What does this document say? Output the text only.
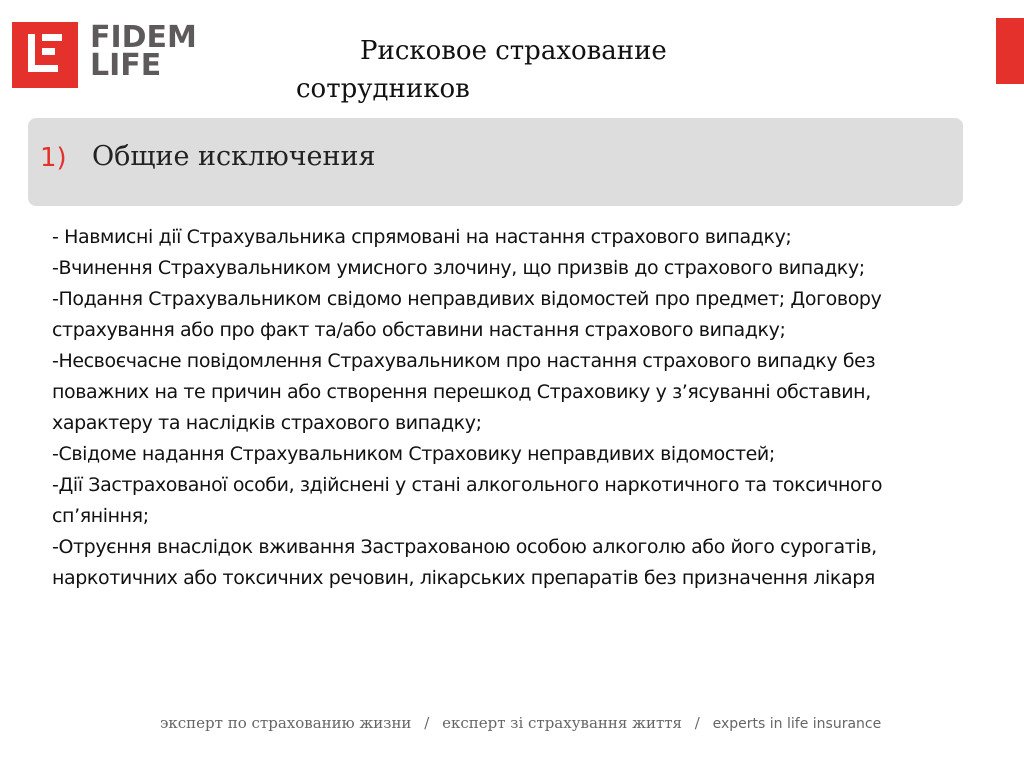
FIDEM
LIFE	Рисковое страхование
сотрудников
1) Общие исключения

- Навмисні дії Страхувальника спрямовані на настання страхового випадку;

-Вчинення Страхувальником умисного злочину, що призвів до страхового випадку;

-Подання Страхувальником свідомо неправдивих відомостей про предмет; Договору страхування або про факт та/або обставини настання страхового випадку;

-Несвоєчасне повідомлення Страхувальником про настання страхового випадку без поважних на те причин або створення перешкод Страховику у з’ясуванні обставин, характеру та наслідків страхового випадку;

-Свідоме надання Страхувальником Страховику неправдивих відомостей;

-Дії Застрахованої особи, здійснені у стані алкогольного наркотичного та токсичного сп’яніння;

-Отруєння внаслідок вживання Застрахованою особою алкоголю або його сурогатів, наркотичних або токсичних речовин, лікарських препаратів без призначення лікаря

эксперт по страхованию жизни / експерт зі страхування життя / experts in life insurance
